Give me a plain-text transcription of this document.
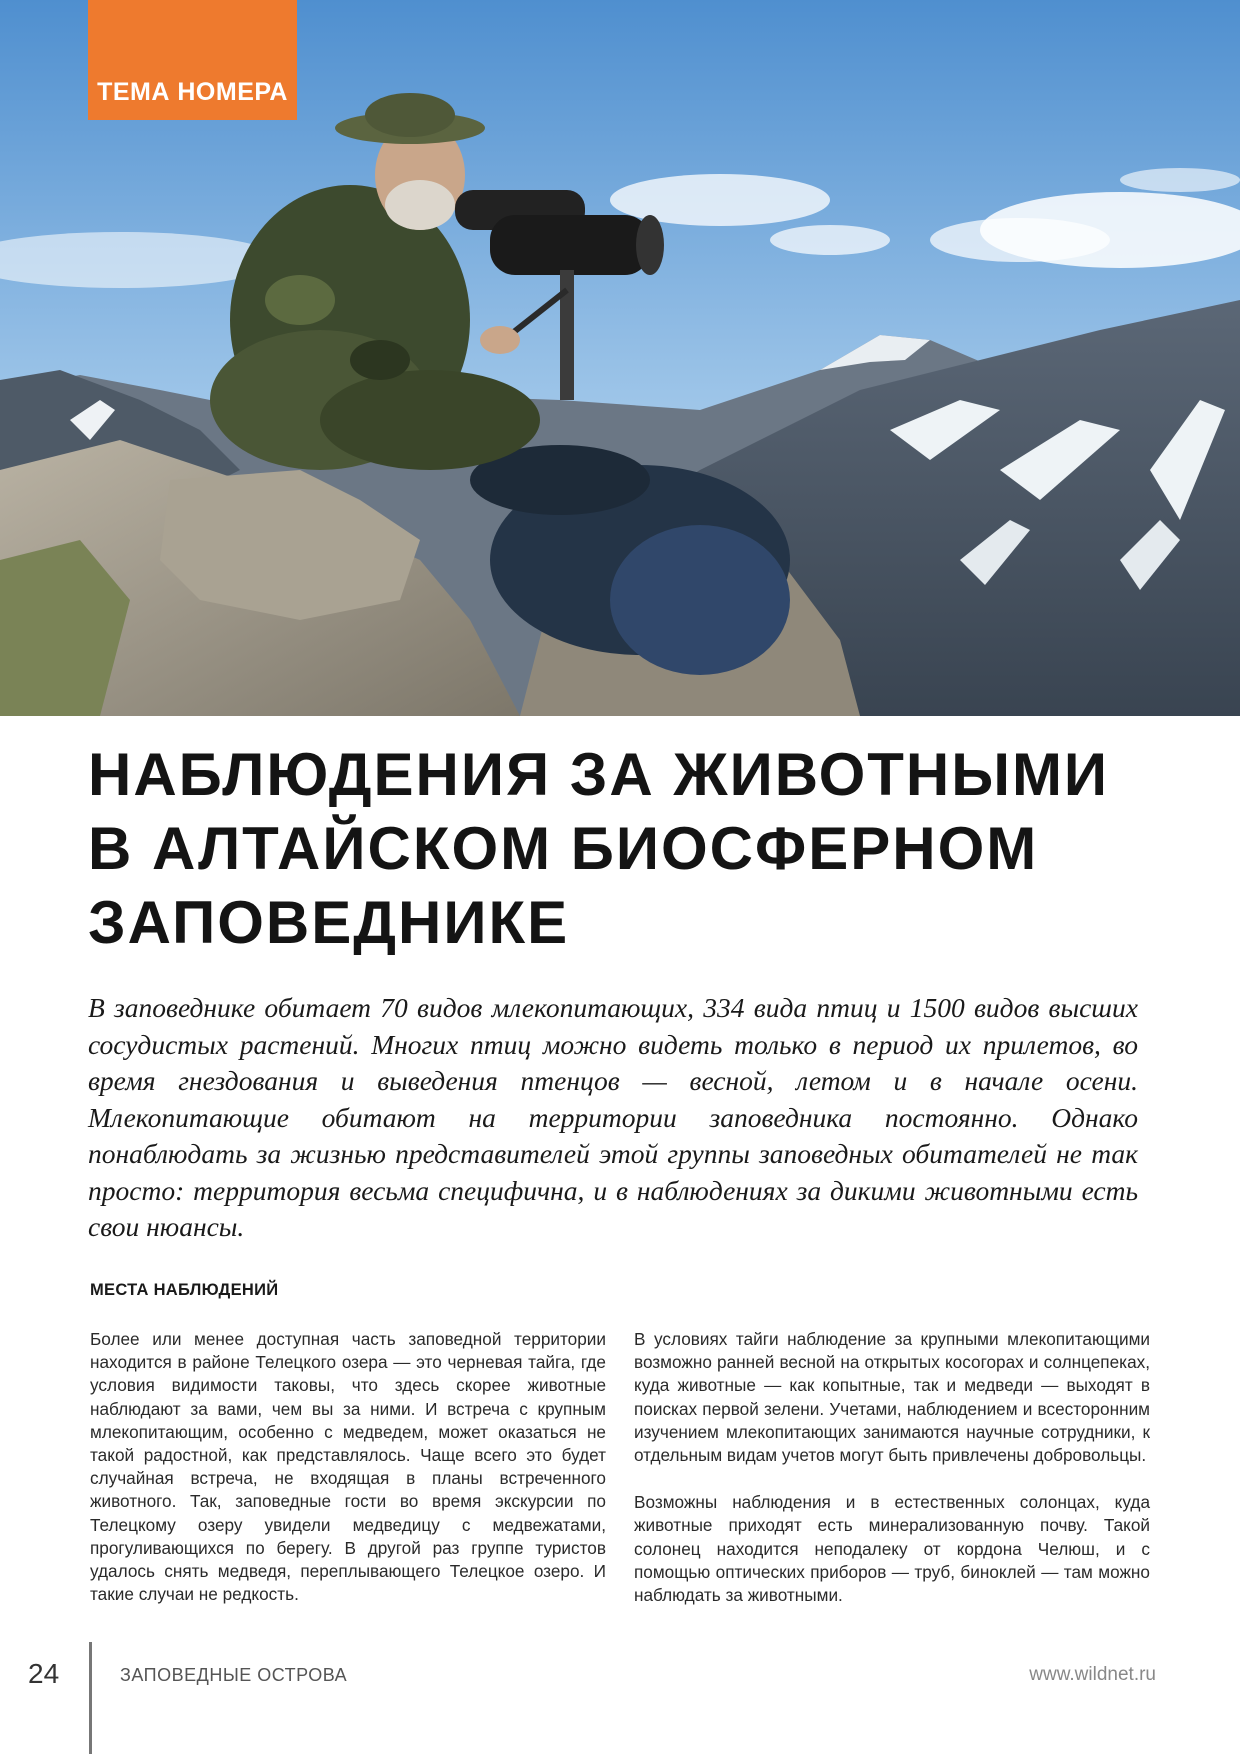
ТЕМА НОМЕРА
НАБЛЮДЕНИЯ ЗА ЖИВОТНЫМИ
В АЛТАЙСКОМ БИОСФЕРНОМ
ЗАПОВЕДНИКЕ

В заповеднике обитает 70 видов млекопитающих, 334 вида птиц и 1500 видов высших сосудистых растений. Многих птиц можно видеть только в период их прилетов, во время гнездования и выведения птенцов — весной, летом и в начале осени. Млекопитающие обитают на территории заповедника постоянно. Однако понаблюдать за жизнью представителей этой группы заповедных обитателей не так просто: территория весьма специфична, и в наблюдениях за дикими животными есть свои нюансы.

МЕСТА НАБЛЮДЕНИЙ

Более или менее доступная часть заповедной территории находится в районе Телецкого озера — это черневая тайга, где условия видимости таковы, что здесь скорее животные наблюдают за вами, чем вы за ними. И встреча с крупным млекопитающим, особенно с медведем, может оказаться не такой радостной, как представлялось. Чаще всего это будет случайная встреча, не входящая в планы встреченного животного. Так, заповедные гости во время экскурсии по Телецкому озеру увидели медведицу с медвежатами, прогуливающихся по берегу. В другой раз группе туристов удалось снять медведя, переплывающего Телецкое озеро. И такие случаи не редкость.

В условиях тайги наблюдение за крупными млекопитающими возможно ранней весной на открытых косогорах и солнцепеках, куда животные — как копытные, так и медведи — выходят в поисках первой зелени. Учетами, наблюдением и всесторонним изучением млекопитающих занимаются научные сотрудники, к отдельным видам учетов могут быть привлечены добровольцы.

Возможны наблюдения и в естественных солонцах, куда животные приходят есть минерализованную почву. Такой солонец находится неподалеку от кордона Челюш, и с помощью оптических приборов — труб, биноклей — там можно наблюдать за животными.

24	ЗАПОВЕДНЫЕ ОСТРОВА	www.wildnet.ru
